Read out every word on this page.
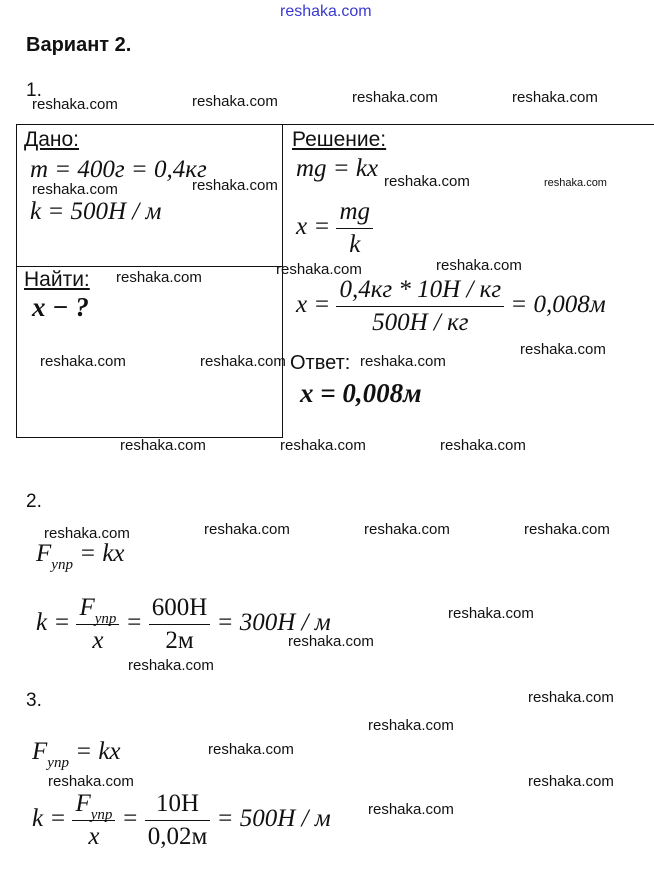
reshaka.com
Вариант 2.
1.
Дано:
m = 400г = 0,4кг
k = 500Н / м
Найти:
x − ?
Решение:
mg = kx
$x = \frac{mg}{k}$
$x = \frac{0,4кг * 10Н / кг}{500Н / кг} = 0,008м$
Ответ:
x = 0,008м
2.
$F_{упр}$ = kx
$k = \frac{F_{упр}}{x} = \frac{600Н}{2м} = 300Н / м$
3.
$F_{упр}$ = kx
$k = \frac{F_{упр}}{x} = \frac{10Н}{0,02м} = 500Н / м$
reshaka.com	reshaka.com	reshaka.com	reshaka.com
reshaka.com	reshaka.com	reshaka.com	reshaka.com
reshaka.com	reshaka.com	reshaka.com
reshaka.com	reshaka.com	reshaka.com
reshaka.com
reshaka.com	reshaka.com	reshaka.com
reshaka.com	reshaka.com	reshaka.com	reshaka.com
reshaka.com
reshaka.com
reshaka.com
reshaka.com
reshaka.com
reshaka.com
reshaka.com	reshaka.com
reshaka.com
